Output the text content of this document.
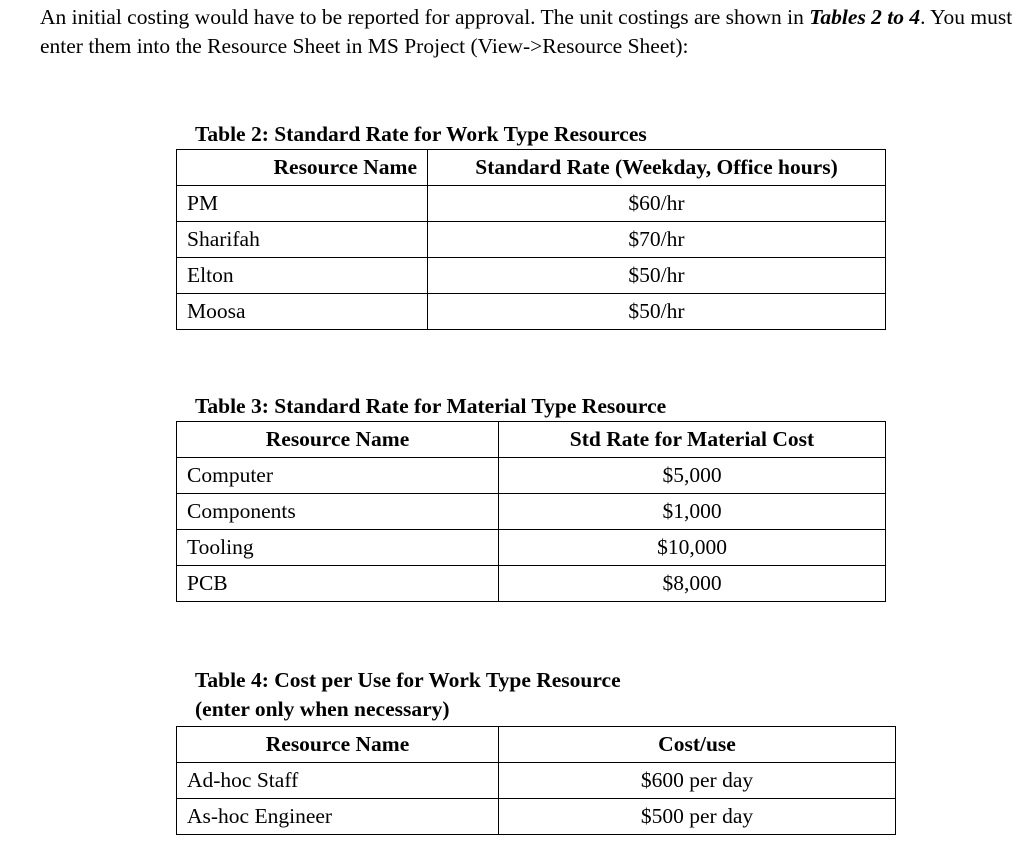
An initial costing would have to be reported for approval. The unit costings are shown in Tables 2 to 4. You must enter them into the Resource Sheet in MS Project (View->Resource Sheet):
Table 2: Standard Rate for Work Type Resources
Resource Name	Standard Rate (Weekday, Office hours)
PM	$60/hr
Sharifah	$70/hr
Elton	$50/hr
Moosa	$50/hr
Table 3: Standard Rate for Material Type Resource
Resource Name	Std Rate for Material Cost
Computer	$5,000
Components	$1,000
Tooling	$10,000
PCB	$8,000
Table 4: Cost per Use for Work Type Resource
(enter only when necessary)
Resource Name	Cost/use
Ad-hoc Staff	$600 per day
As-hoc Engineer	$500 per day
